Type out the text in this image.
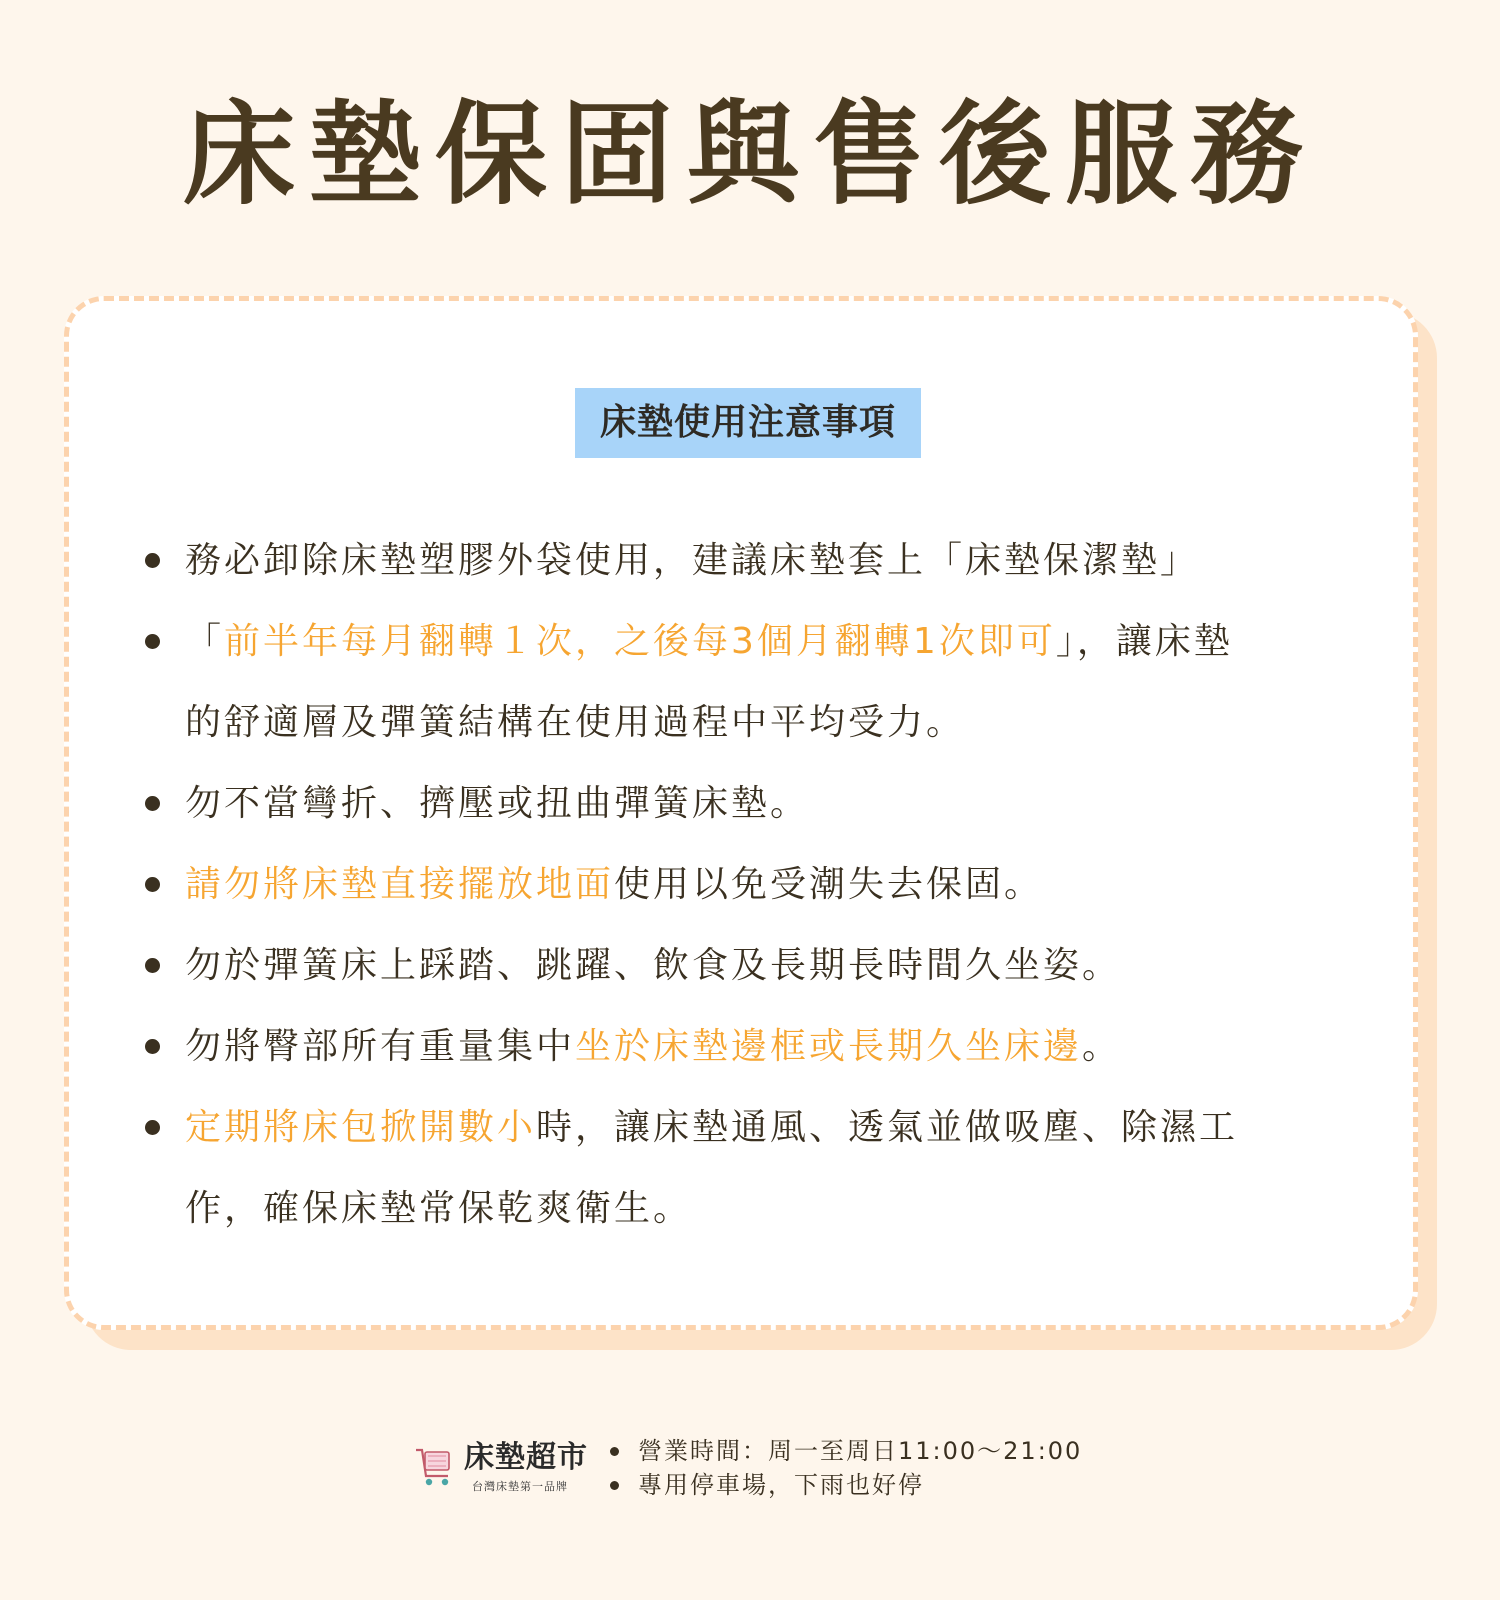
床墊保固與售後服務
床墊使用注意事項
務必卸除床墊塑膠外袋使用，建議床墊套上「床墊保潔墊」
「前半年每月翻轉１次，之後每3個月翻轉1次即可」，讓床墊
的舒適層及彈簧結構在使用過程中平均受力。
勿不當彎折、擠壓或扭曲彈簧床墊。
請勿將床墊直接擺放地面使用以免受潮失去保固。
勿於彈簧床上踩踏、跳躍、飲食及長期長時間久坐姿。
勿將臀部所有重量集中坐於床墊邊框或長期久坐床邊。
定期將床包掀開數小時，讓床墊通風、透氣並做吸塵、除濕工
作，確保床墊常保乾爽衛生。
床墊超市
台灣床墊第一品牌
營業時間：周一至周日11:00～21:00
專用停車場，下雨也好停
